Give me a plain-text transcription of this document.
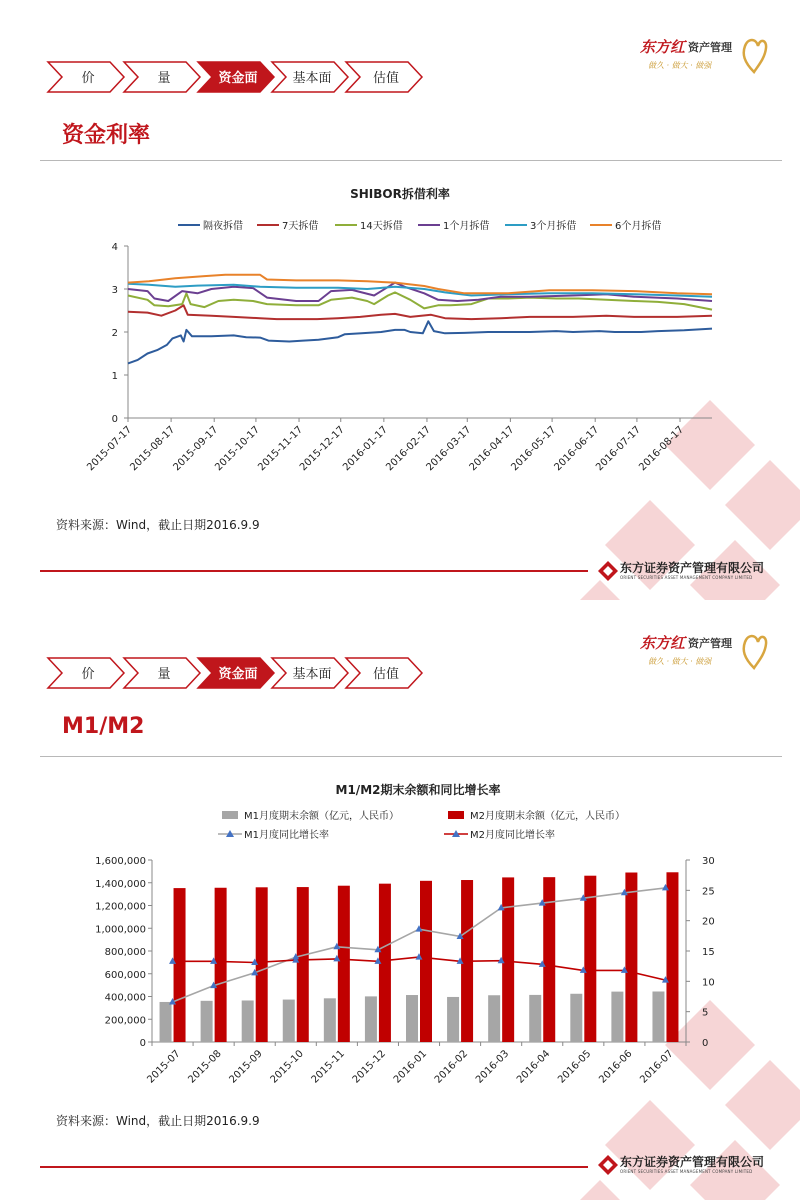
东方红 资产管理
做久 · 做大 · 做强
价	量	资金面	基本面	估值
资金利率
SHIBOR拆借利率
隔夜拆借	7天拆借	14天拆借	1个月拆借	3个月拆借	6个月拆借
0
1
2
3
4
2015-07-17
2015-08-17
2015-09-17
2015-10-17
2015-11-17
2015-12-17
2016-01-17
2016-02-17
2016-03-17
2016-04-17
2016-05-17
2016-06-17
2016-07-17
2016-08-17
资料来源：Wind，截止日期2016.9.9
东方证券资产管理有限公司
ORIENT SECURITIES ASSET MANAGEMENT COMPANY LIMITED
东方红 资产管理
做久 · 做大 · 做强
价	量	资金面	基本面	估值
M1/M2
M1/M2期末余额和同比增长率
M1月度期末余额（亿元，人民币）	M2月度期末余额（亿元，人民币）
M1月度同比增长率	M2月度同比增长率
0
200,000
400,000
600,000
800,000
1,000,000
1,200,000
1,400,000
1,600,000
0
5
10
15
20
25
30
2015-07 2015-08 2015-09 2015-10 2015-11 2015-12 2016-01 2016-02 2016-03 2016-04 2016-05 2016-06 2016-07
资料来源：Wind，截止日期2016.9.9
东方证券资产管理有限公司
ORIENT SECURITIES ASSET MANAGEMENT COMPANY LIMITED
